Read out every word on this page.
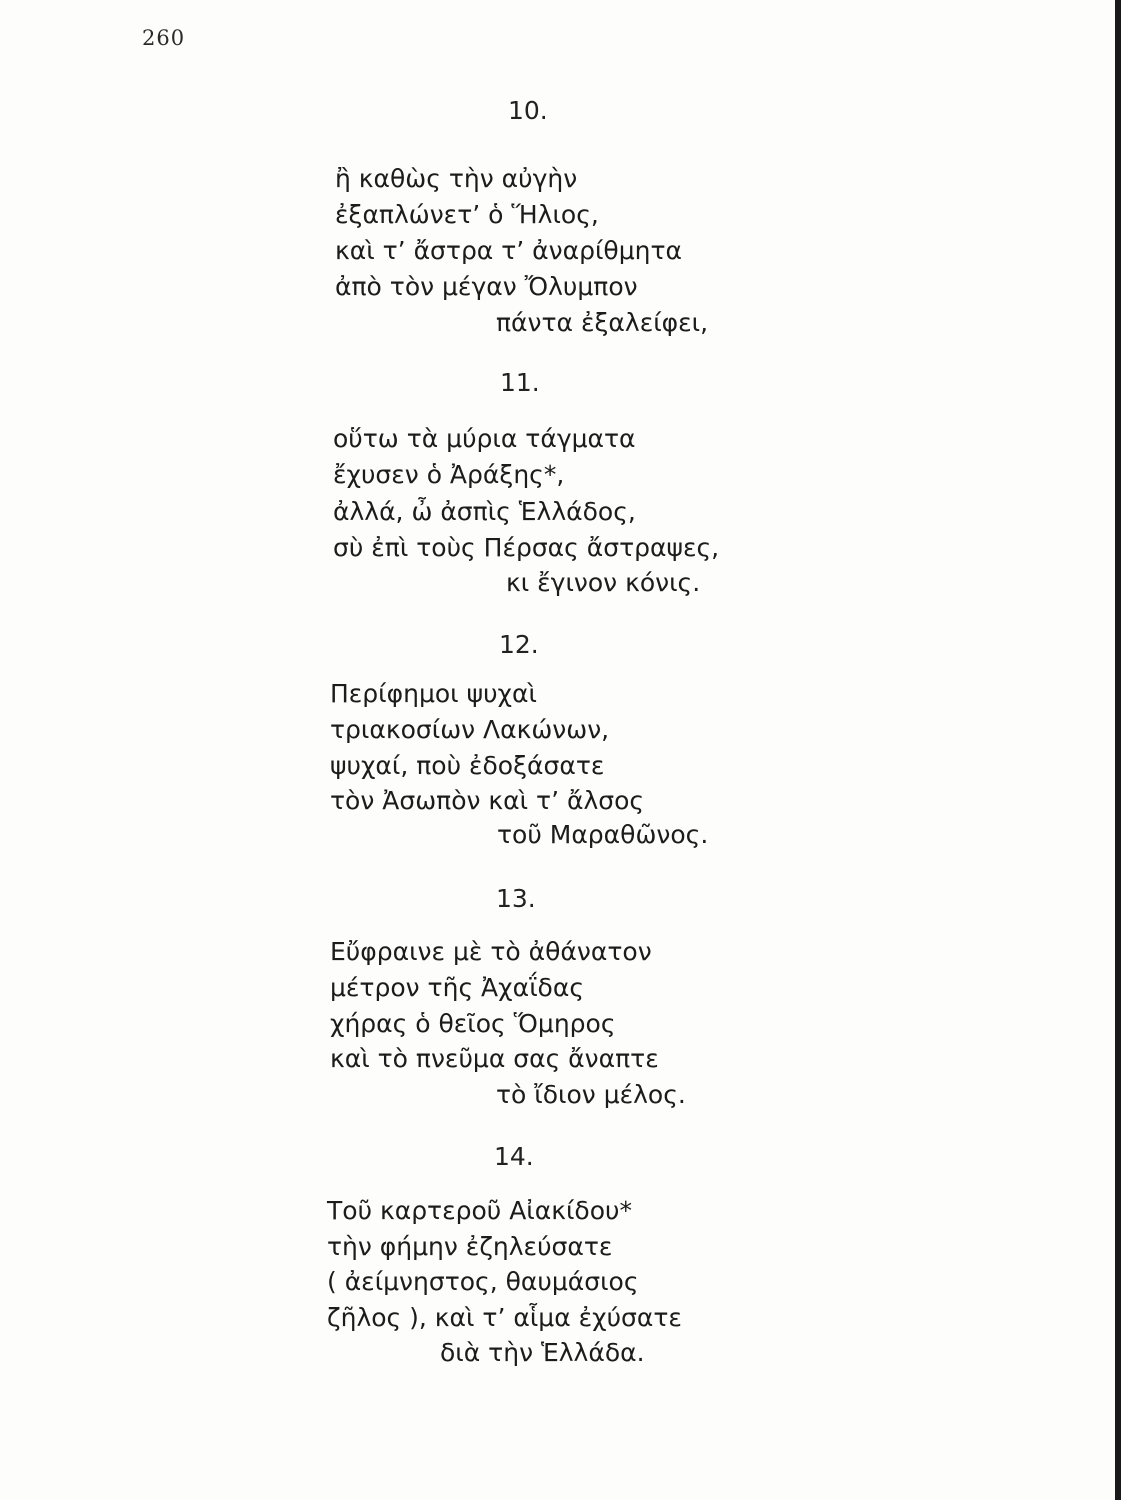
260
10.
ἢ καθὼς τὴν αὐγὴν
ἐξαπλώνετ’ ὁ Ἥλιος,
καὶ τ’ ἄστρα τ’ ἀναρίθμητα
ἀπὸ τὸν μέγαν Ὄλυμπον
πάντα ἐξαλείφει,
11.
οὕτω τὰ μύρια τάγματα
ἔχυσεν ὁ Ἀράξης*,
ἀλλά, ὦ ἀσπὶς Ἑλλάδος,
σὺ ἐπὶ τοὺς Πέρσας ἄστραψες,
κι ἔγινον κόνις.
12.
Περίφημοι ψυχαὶ
τριακοσίων Λακώνων,
ψυχαί, ποὺ ἐδοξάσατε
τὸν Ἀσωπὸν καὶ τ’ ἄλσος
τοῦ Μαραθῶνος.
13.
Εὔφραινε μὲ τὸ ἀθάνατον
μέτρον τῆς Ἀχαΐδας
χήρας ὁ θεῖος Ὅμηρος
καὶ τὸ πνεῦμα σας ἄναπτε
τὸ ἴδιον μέλος.
14.
Τοῦ καρτεροῦ Αἰακίδου*
τὴν φήμην ἐζηλεύσατε
( ἀείμνηστος, θαυμάσιος
ζῆλος ), καὶ τ’ αἷμα ἐχύσατε
διὰ τὴν Ἑλλάδα.
